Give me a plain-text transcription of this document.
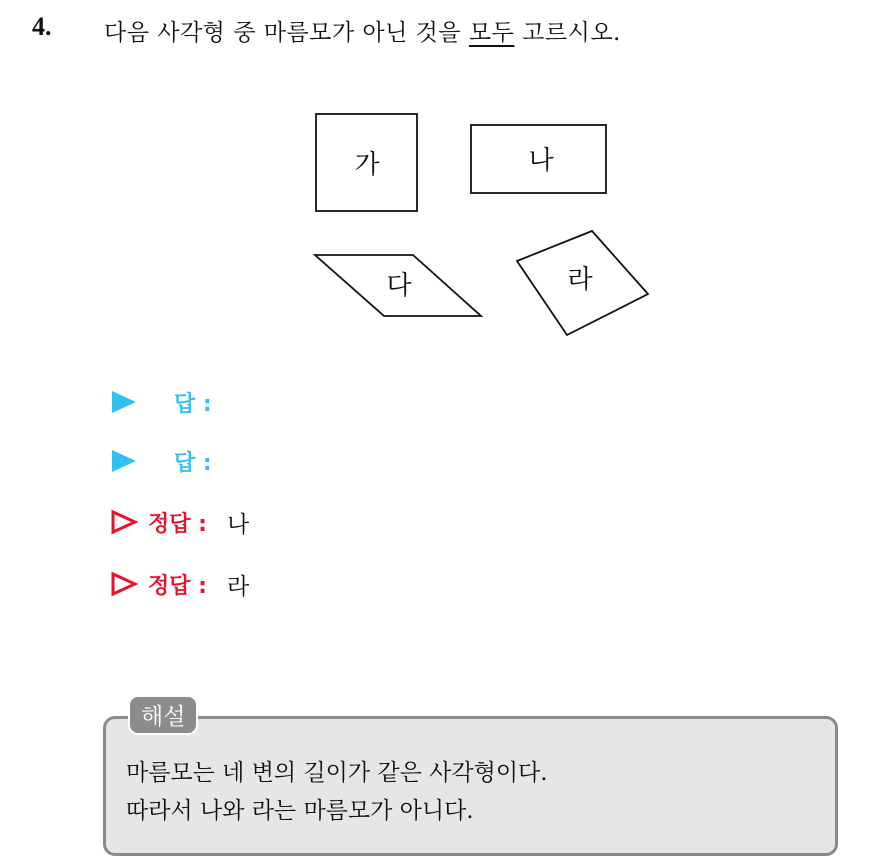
4. 다음 사각형 중 마름모가 아닌 것을 모두 고르시오.
가	나
다	라
답 :
답 :
정답 : 나
정답 : 라
해설
마름모는 네 변의 길이가 같은 사각형이다.
따라서 나와 라는 마름모가 아니다.
